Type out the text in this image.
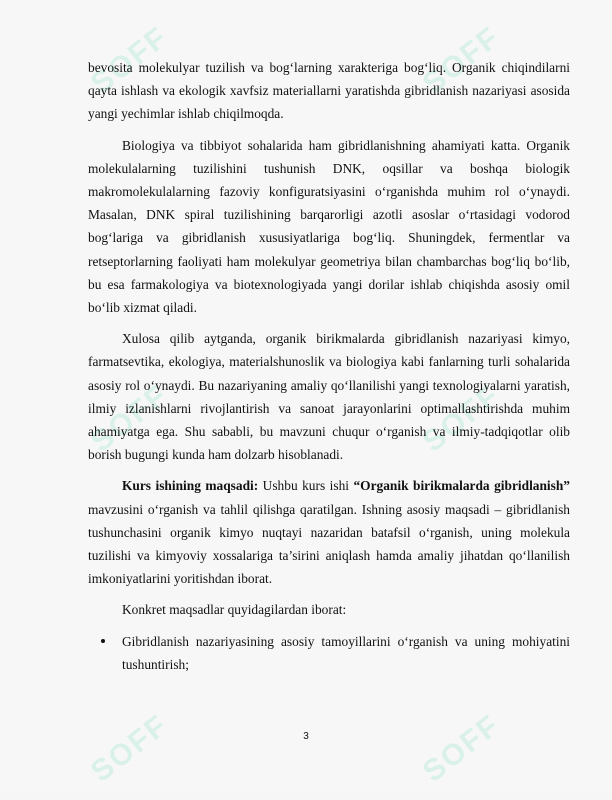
SOFF	SOFF
SOFF	SOFF
SOFF	SOFF

bevosita molekulyar tuzilish va bog‘larning xarakteriga bog‘liq. Organik chiqindilarni qayta ishlash va ekologik xavfsiz materiallarni yaratishda gibridlanish nazariyasi asosida yangi yechimlar ishlab chiqilmoqda.

Biologiya va tibbiyot sohalarida ham gibridlanishning ahamiyati katta. Organik molekulalarning tuzilishini tushunish DNK, oqsillar va boshqa biologik makromolekulalarning fazoviy konfiguratsiyasini o‘rganishda muhim rol o‘ynaydi. Masalan, DNK spiral tuzilishining barqarorligi azotli asoslar o‘rtasidagi vodorod bog‘lariga va gibridlanish xususiyatlariga bog‘liq. Shuningdek, fermentlar va retseptorlarning faoliyati ham molekulyar geometriya bilan chambarchas bog‘liq bo‘lib, bu esa farmakologiya va biotexnologiyada yangi dorilar ishlab chiqishda asosiy omil bo‘lib xizmat qiladi.

Xulosa qilib aytganda, organik birikmalarda gibridlanish nazariyasi kimyo, farmatsevtika, ekologiya, materialshunoslik va biologiya kabi fanlarning turli sohalarida asosiy rol o‘ynaydi. Bu nazariyaning amaliy qo‘llanilishi yangi texnologiyalarni yaratish, ilmiy izlanishlarni rivojlantirish va sanoat jarayonlarini optimallashtirishda muhim ahamiyatga ega. Shu sababli, bu mavzuni chuqur o‘rganish va ilmiy-tadqiqotlar olib borish bugungi kunda ham dolzarb hisoblanadi.

Kurs ishining maqsadi: Ushbu kurs ishi “Organik birikmalarda gibridlanish” mavzusini o‘rganish va tahlil qilishga qaratilgan. Ishning asosiy maqsadi – gibridlanish tushunchasini organik kimyo nuqtayi nazaridan batafsil o‘rganish, uning molekula tuzilishi va kimyoviy xossalariga ta’sirini aniqlash hamda amaliy jihatdan qo‘llanilish imkoniyatlarini yoritishdan iborat.

Konkret maqsadlar quyidagilardan iborat:

Gibridlanish nazariyasining asosiy tamoyillarini o‘rganish va uning mohiyatini tushuntirish;
3
